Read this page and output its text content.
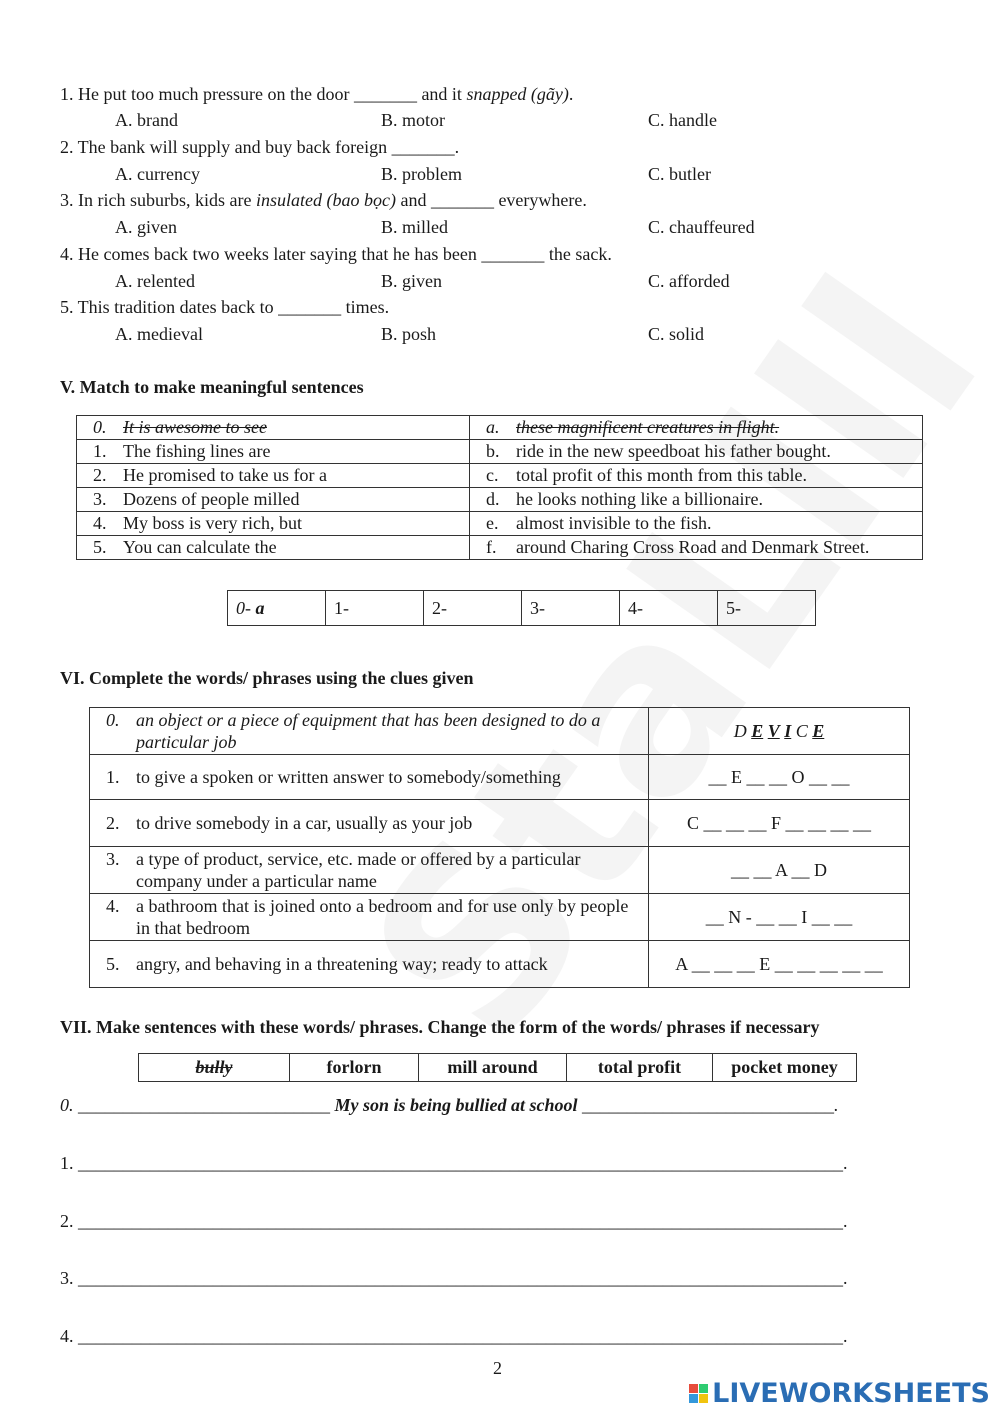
1. He put too much pressure on the door _______ and it snapped (gãy).
A. brand	B. motor	C. handle
2. The bank will supply and buy back foreign _______.
A. currency	B. problem	C. butler
3. In rich suburbs, kids are insulated (bao bọc) and _______ everywhere.
A. given	B. milled	C. chauffeured
4. He comes back two weeks later saying that he has been _______ the sack.
A. relented	B. given	C. afforded
5. This tradition dates back to _______ times.
A. medieval	B. posh	C. solid
V. Match to make meaningful sentences
0. It is awesome to see	a. these magnificent creatures in flight.
1. The fishing lines are	b. ride in the new speedboat his father bought.
2. He promised to take us for a	c. total profit of this month from this table.
3. Dozens of people milled	d. he looks nothing like a billionaire.
4. My boss is very rich, but	e. almost invisible to the fish.
5. You can calculate the	f. around Charing Cross Road and Denmark Street.
0- a	1-	2-	3-	4-	5-
VI. Complete the words/ phrases using the clues given
0. an object or a piece of equipment that has been designed to do a particular job	D E V I C E

1. to give a spoken or written answer to somebody/something	__ E __ __ O __ __

2. to drive somebody in a car, usually as your job	C __ __ __ F __ __ __ __

3. a type of product, service, etc. made or offered by a particular company under a particular name	__ __ A __ D

4. a bathroom that is joined onto a bedroom and for use only by people in that bedroom	__ N - __ __ I __ __

5. angry, and behaving in a threatening way; ready to attack	A __ __ __ E __ __ __ __ __
VII. Make sentences with these words/ phrases. Change the form of the words/ phrases if necessary
bully	forlorn	mill around	total profit	pocket money
0. ____________________________ My son is being bullied at school ____________________________.
1. _____________________________________________________________________________________.
2. _____________________________________________________________________________________.
3. _____________________________________________________________________________________.
4. _____________________________________________________________________________________.
2
LIVEWORKSHEETS
